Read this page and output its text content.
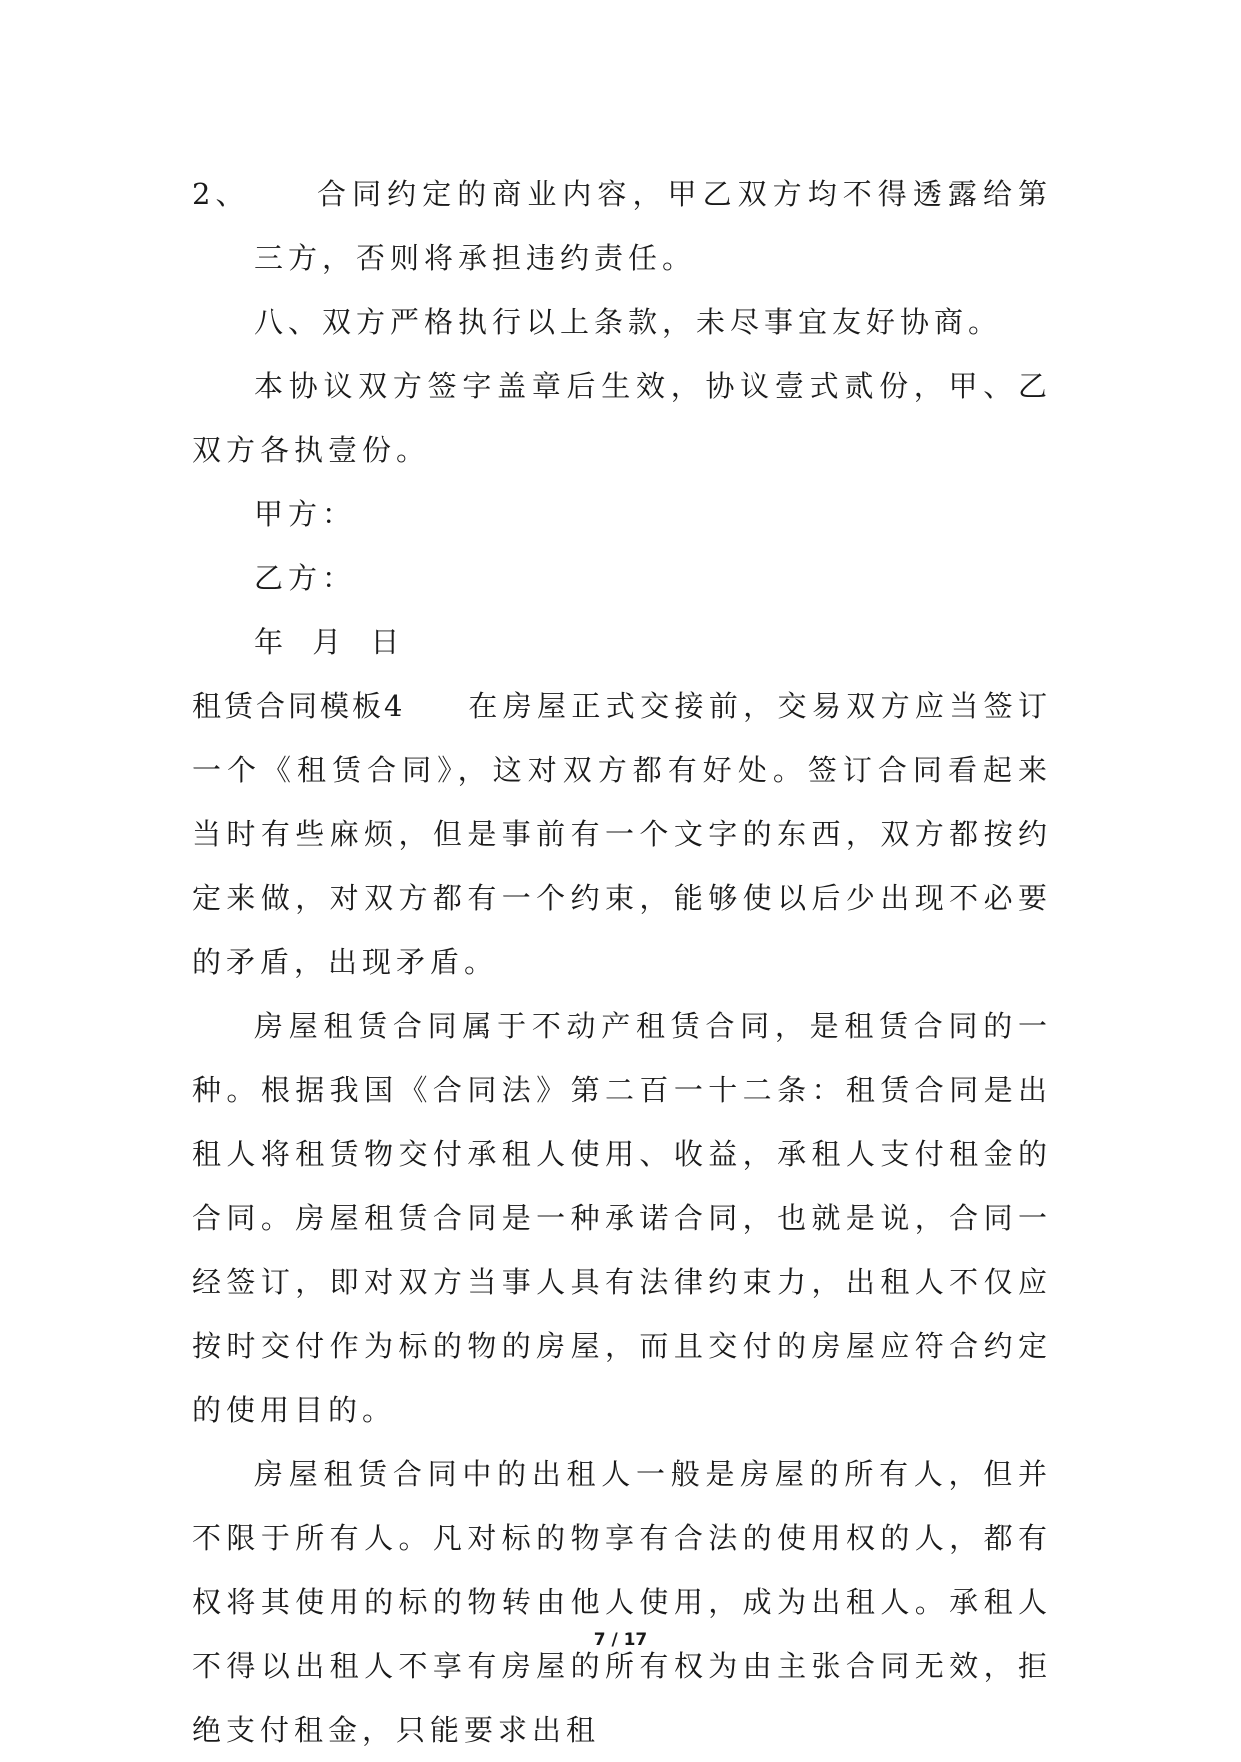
2、 合同约定的商业内容，甲乙双方均不得透露给第三方，否则将承担违约责任。

八、双方严格执行以上条款，未尽事宜友好协商。

本协议双方签字盖章后生效，协议壹式贰份，甲、乙双方各执壹份。

甲方：

乙方：

年 月 日

租赁合同模板4 在房屋正式交接前，交易双方应当签订一个《租赁合同》，这对双方都有好处。签订合同看起来当时有些麻烦，但是事前有一个文字的东西，双方都按约定来做，对双方都有一个约束，能够使以后少出现不必要的矛盾，出现矛盾。

房屋租赁合同属于不动产租赁合同，是租赁合同的一种。根据我国《合同法》第二百一十二条：租赁合同是出租人将租赁物交付承租人使用、收益，承租人支付租金的合同。房屋租赁合同是一种承诺合同，也就是说，合同一经签订，即对双方当事人具有法律约束力，出租人不仅应按时交付作为标的物的房屋，而且交付的房屋应符合约定的使用目的。

房屋租赁合同中的出租人一般是房屋的所有人，但并不限于所有人。凡对标的物享有合法的使用权的人，都有权将其使用的标的物转由他人使用，成为出租人。承租人不得以出租人不享有房屋的所有权为由主张合同无效，拒绝支付租金，只能要求出租

7 / 17
